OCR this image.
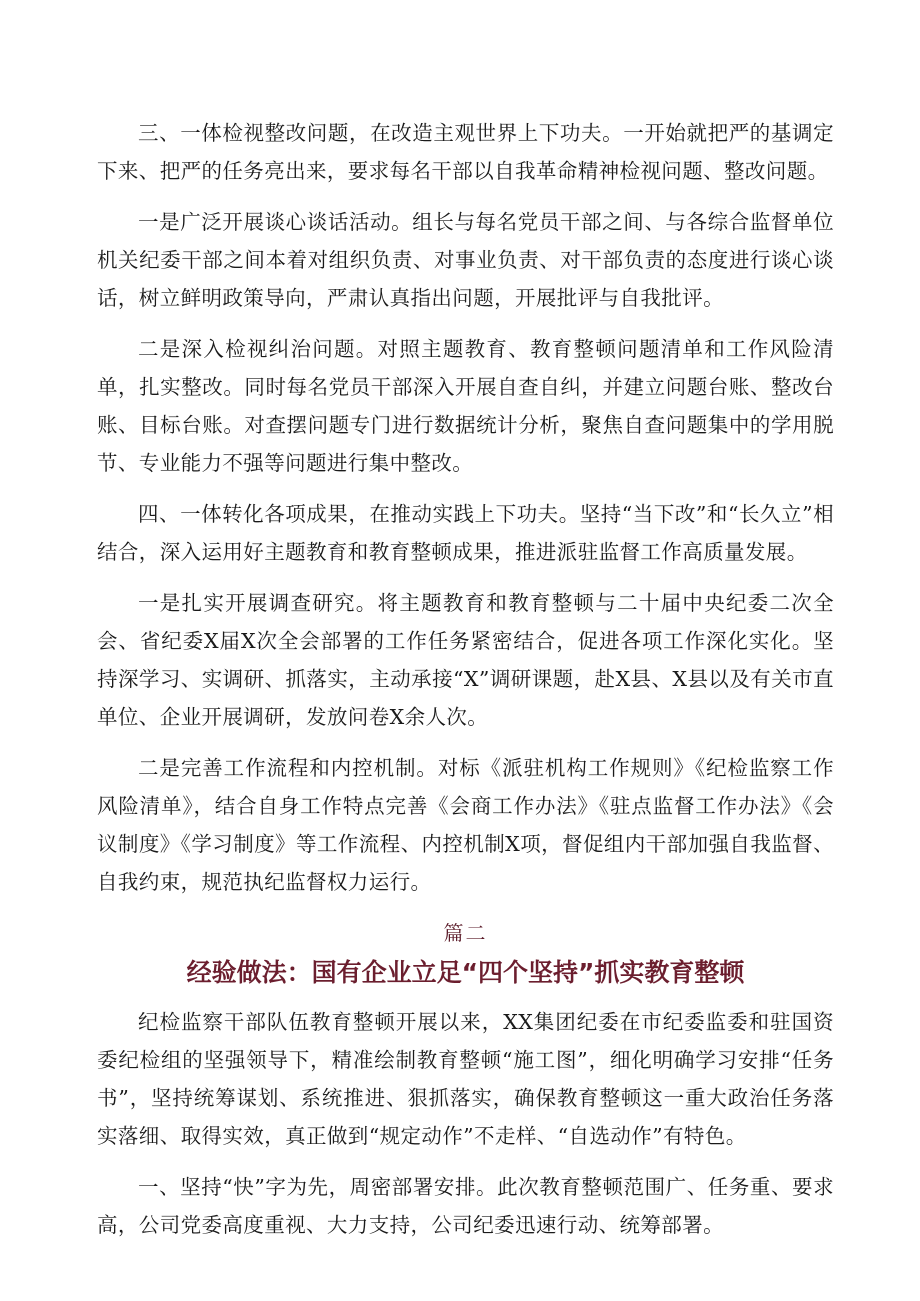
三、一体检视整改问题，在改造主观世界上下功夫。一开始就把严的基调定下来、把严的任务亮出来，要求每名干部以自我革命精神检视问题、整改问题。

一是广泛开展谈心谈话活动。组长与每名党员干部之间、与各综合监督单位机关纪委干部之间本着对组织负责、对事业负责、对干部负责的态度进行谈心谈话，树立鲜明政策导向，严肃认真指出问题，开展批评与自我批评。

二是深入检视纠治问题。对照主题教育、教育整顿问题清单和工作风险清单，扎实整改。同时每名党员干部深入开展自查自纠，并建立问题台账、整改台账、目标台账。对查摆问题专门进行数据统计分析，聚焦自查问题集中的学用脱节、专业能力不强等问题进行集中整改。

四、一体转化各项成果，在推动实践上下功夫。坚持“当下改”和“长久立”相结合，深入运用好主题教育和教育整顿成果，推进派驻监督工作高质量发展。

一是扎实开展调查研究。将主题教育和教育整顿与二十届中央纪委二次全会、省纪委X届X次全会部署的工作任务紧密结合，促进各项工作深化实化。坚持深学习、实调研、抓落实，主动承接“X”调研课题，赴X县、X县以及有关市直单位、企业开展调研，发放问卷X余人次。

二是完善工作流程和内控机制。对标《派驻机构工作规则》《纪检监察工作风险清单》，结合自身工作特点完善《会商工作办法》《驻点监督工作办法》《会议制度》《学习制度》等工作流程、内控机制X项，督促组内干部加强自我监督、自我约束，规范执纪监督权力运行。

篇二
经验做法：国有企业立足“四个坚持”抓实教育整顿

纪检监察干部队伍教育整顿开展以来，XX集团纪委在市纪委监委和驻国资委纪检组的坚强领导下，精准绘制教育整顿“施工图”，细化明确学习安排“任务书”，坚持统筹谋划、系统推进、狠抓落实，确保教育整顿这一重大政治任务落实落细、取得实效，真正做到“规定动作”不走样、“自选动作”有特色。

一、坚持“快”字为先，周密部署安排。此次教育整顿范围广、任务重、要求高，公司党委高度重视、大力支持，公司纪委迅速行动、统筹部署。
